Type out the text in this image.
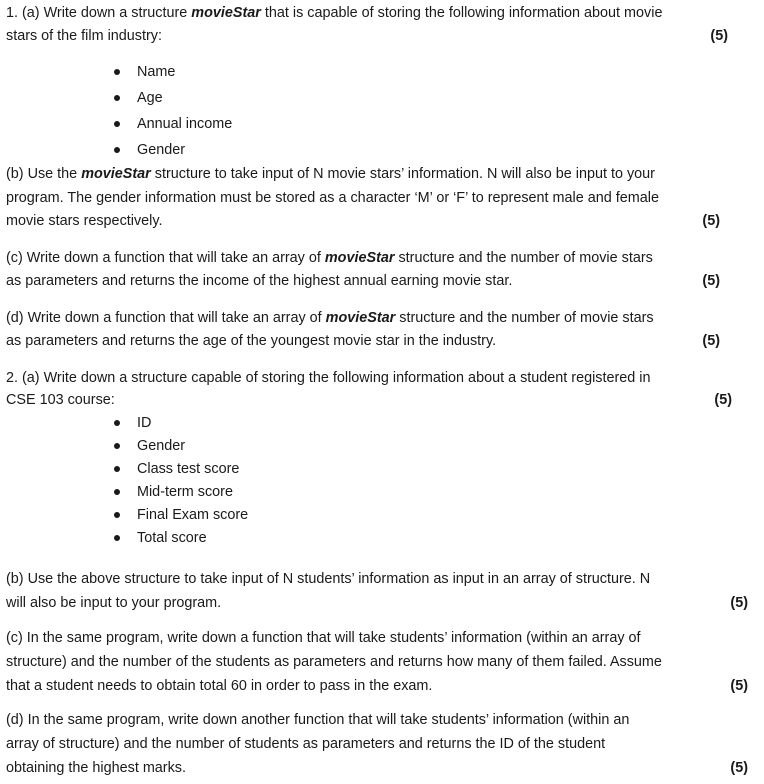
1. (a) Write down a structure movieStar that is capable of storing the following information about movie
stars of the film industry:	(5)
Name
Age
Annual income
Gender
(b) Use the movieStar structure to take input of N movie stars’ information. N will also be input to your
program. The gender information must be stored as a character ‘M’ or ‘F’ to represent male and female
movie stars respectively.	(5)
(c) Write down a function that will take an array of movieStar structure and the number of movie stars
as parameters and returns the income of the highest annual earning movie star.	(5)
(d) Write down a function that will take an array of movieStar structure and the number of movie stars
as parameters and returns the age of the youngest movie star in the industry.	(5)
2. (a) Write down a structure capable of storing the following information about a student registered in
CSE 103 course:	(5)
ID
Gender
Class test score
Mid-term score
Final Exam score
Total score
(b) Use the above structure to take input of N students’ information as input in an array of structure. N
will also be input to your program.	(5)
(c) In the same program, write down a function that will take students’ information (within an array of
structure) and the number of the students as parameters and returns how many of them failed. Assume
that a student needs to obtain total 60 in order to pass in the exam.	(5)
(d) In the same program, write down another function that will take students’ information (within an
array of structure) and the number of students as parameters and returns the ID of the student
obtaining the highest marks.	(5)
